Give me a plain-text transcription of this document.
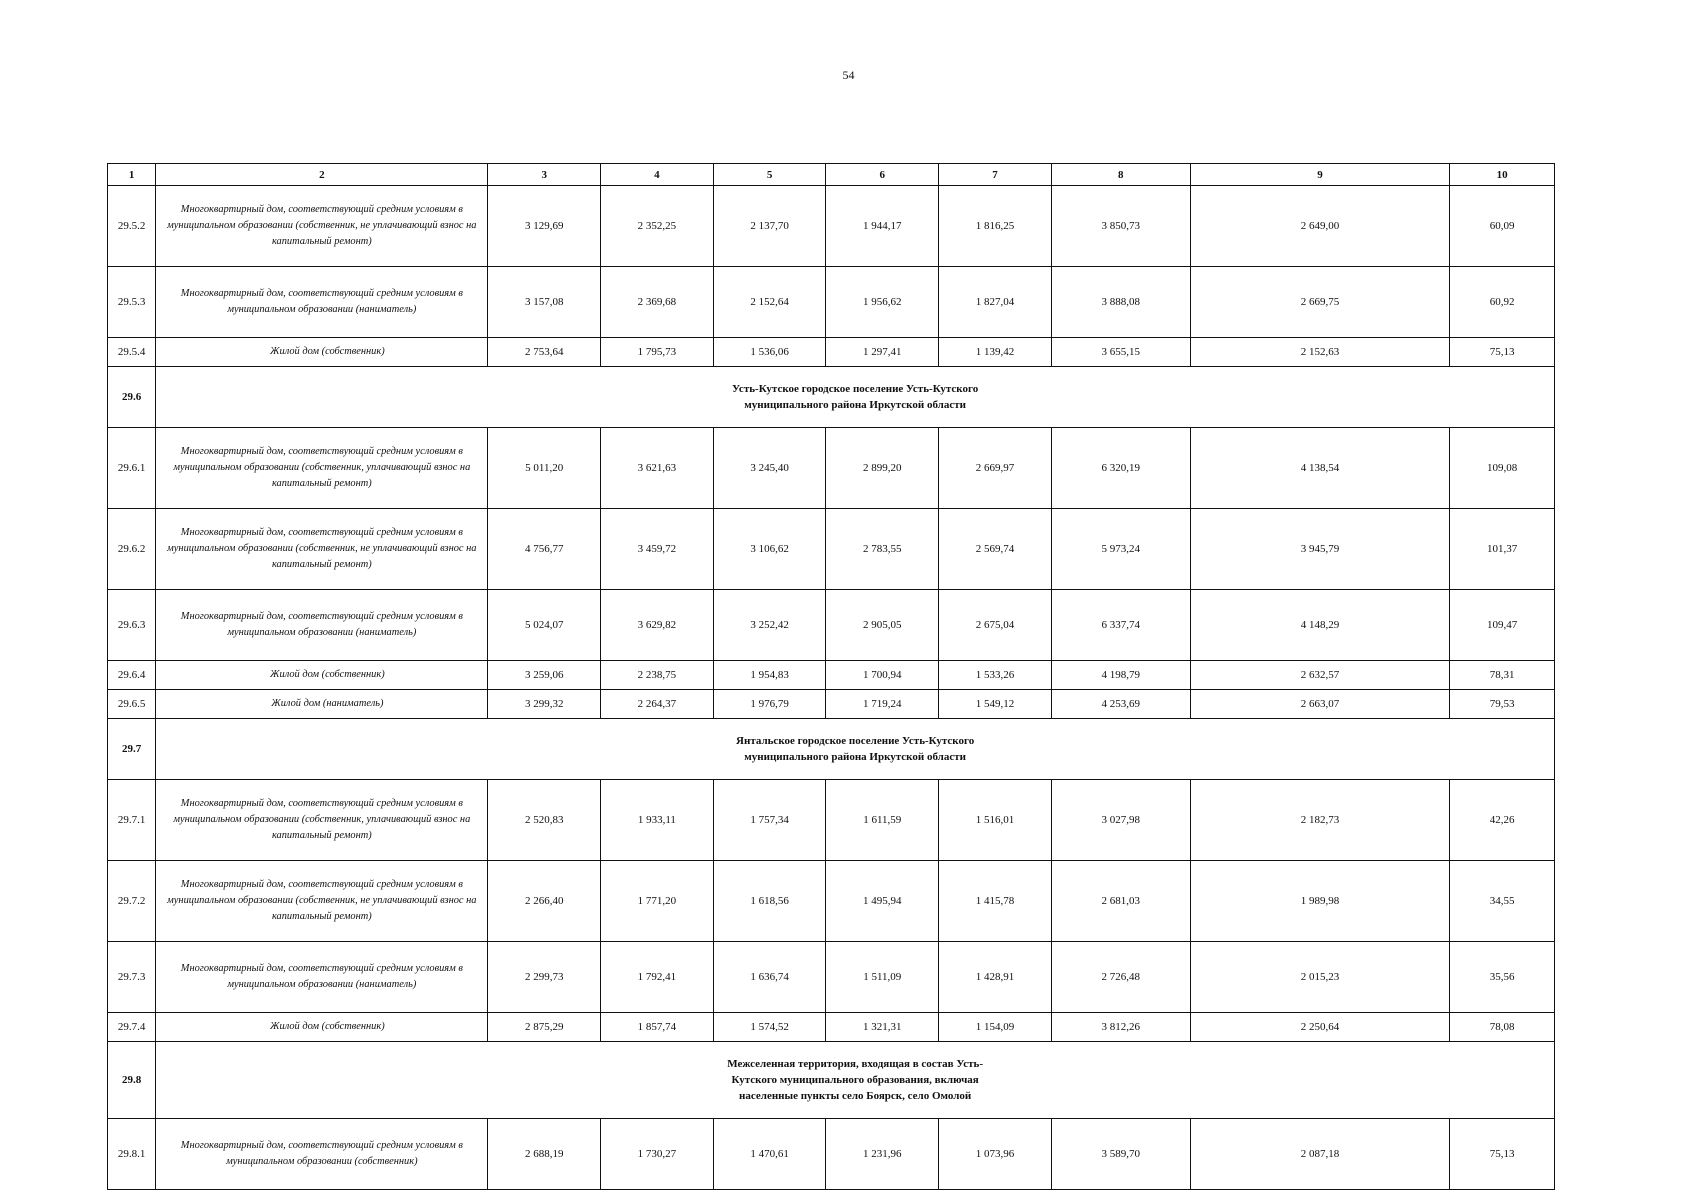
54
1	2	3	4	5	6	7	8	9	10
29.5.2	Многоквартирный дом, соответствующий средним условиям в муниципальном образовании (собственник, не уплачивающий взнос на капитальный ремонт)	3 129,69	2 352,25	2 137,70	1 944,17	1 816,25	3 850,73	2 649,00	60,09
29.5.3	Многоквартирный дом, соответствующий средним условиям в муниципальном образовании (наниматель)	3 157,08	2 369,68	2 152,64	1 956,62	1 827,04	3 888,08	2 669,75	60,92
29.5.4	Жилой дом (собственник)	2 753,64	1 795,73	1 536,06	1 297,41	1 139,42	3 655,15	2 152,63	75,13
29.6	Усть-Кутское городское поселение Усть-Кутского муниципального района Иркутской области								
29.6.1	Многоквартирный дом, соответствующий средним условиям в муниципальном образовании (собственник, уплачивающий взнос на капитальный ремонт)	5 011,20	3 621,63	3 245,40	2 899,20	2 669,97	6 320,19	4 138,54	109,08
29.6.2	Многоквартирный дом, соответствующий средним условиям в муниципальном образовании (собственник, не уплачивающий взнос на капитальный ремонт)	4 756,77	3 459,72	3 106,62	2 783,55	2 569,74	5 973,24	3 945,79	101,37
29.6.3	Многоквартирный дом, соответствующий средним условиям в муниципальном образовании (наниматель)	5 024,07	3 629,82	3 252,42	2 905,05	2 675,04	6 337,74	4 148,29	109,47
29.6.4	Жилой дом (собственник)	3 259,06	2 238,75	1 954,83	1 700,94	1 533,26	4 198,79	2 632,57	78,31
29.6.5	Жилой дом (наниматель)	3 299,32	2 264,37	1 976,79	1 719,24	1 549,12	4 253,69	2 663,07	79,53
29.7	Янтальское городское поселение Усть-Кутского муниципального района Иркутской области								
29.7.1	Многоквартирный дом, соответствующий средним условиям в муниципальном образовании (собственник, уплачивающий взнос на капитальный ремонт)	2 520,83	1 933,11	1 757,34	1 611,59	1 516,01	3 027,98	2 182,73	42,26
29.7.2	Многоквартирный дом, соответствующий средним условиям в муниципальном образовании (собственник, не уплачивающий взнос на капитальный ремонт)	2 266,40	1 771,20	1 618,56	1 495,94	1 415,78	2 681,03	1 989,98	34,55
29.7.3	Многоквартирный дом, соответствующий средним условиям в муниципальном образовании (наниматель)	2 299,73	1 792,41	1 636,74	1 511,09	1 428,91	2 726,48	2 015,23	35,56
29.7.4	Жилой дом (собственник)	2 875,29	1 857,74	1 574,52	1 321,31	1 154,09	3 812,26	2 250,64	78,08
29.8	Межселенная территория, входящая в состав Усть-Кутского муниципального образования, включая населенные пункты село Боярск, село Омолой								
29.8.1	Многоквартирный дом, соответствующий средним условиям в муниципальном образовании (собственник)	2 688,19	1 730,27	1 470,61	1 231,96	1 073,96	3 589,70	2 087,18	75,13
